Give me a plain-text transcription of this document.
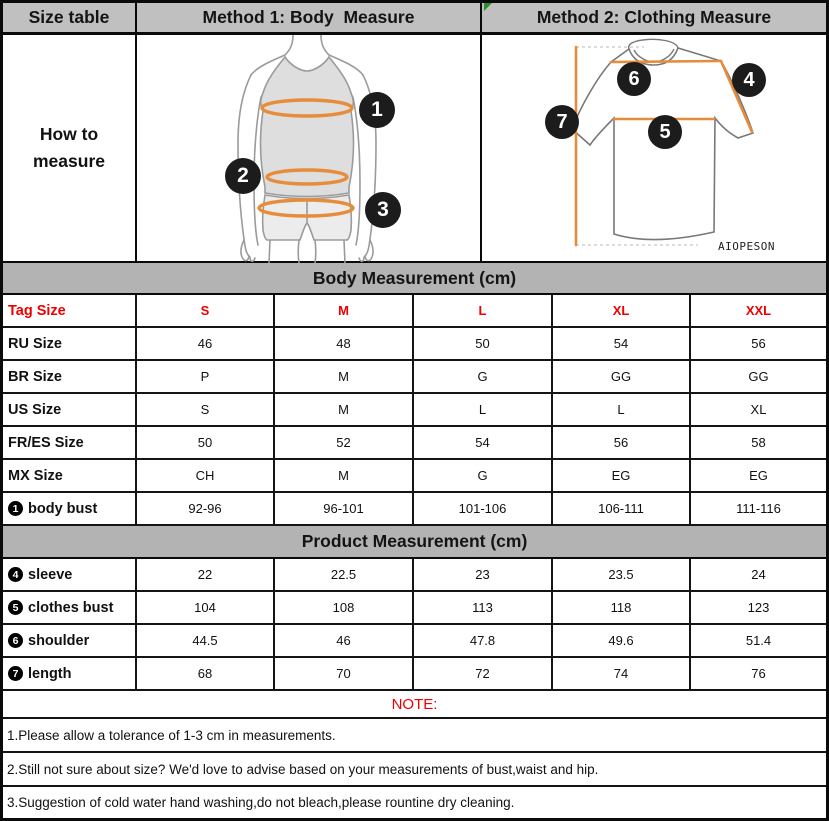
Size table	Method 1: Body  Measure	Method 2: Clothing Measure
How to measure
1
2
3
4
5
6
7
AIOPESON
Body Measurement (cm)
Tag Size	S	M	L	XL	XXL
RU Size	46	48	50	54	56
BR Size	P	M	G	GG	GG
US Size	S	M	L	L	XL
FR/ES Size	50	52	54	56	58
MX Size	CH	M	G	EG	EG
1 body bust	92-96	96-101	101-106	106-111	111-116
Product Measurement (cm)
4 sleeve	22	22.5	23	23.5	24
5 clothes bust	104	108	113	118	123
6 shoulder	44.5	46	47.8	49.6	51.4
7 length	68	70	72	74	76
NOTE:
1.Please allow a tolerance of 1-3 cm in measurements.
2.Still not sure about size? We'd love to advise based on your measurements of bust,waist and hip.
3.Suggestion of cold water hand washing,do not bleach,please rountine dry cleaning.
